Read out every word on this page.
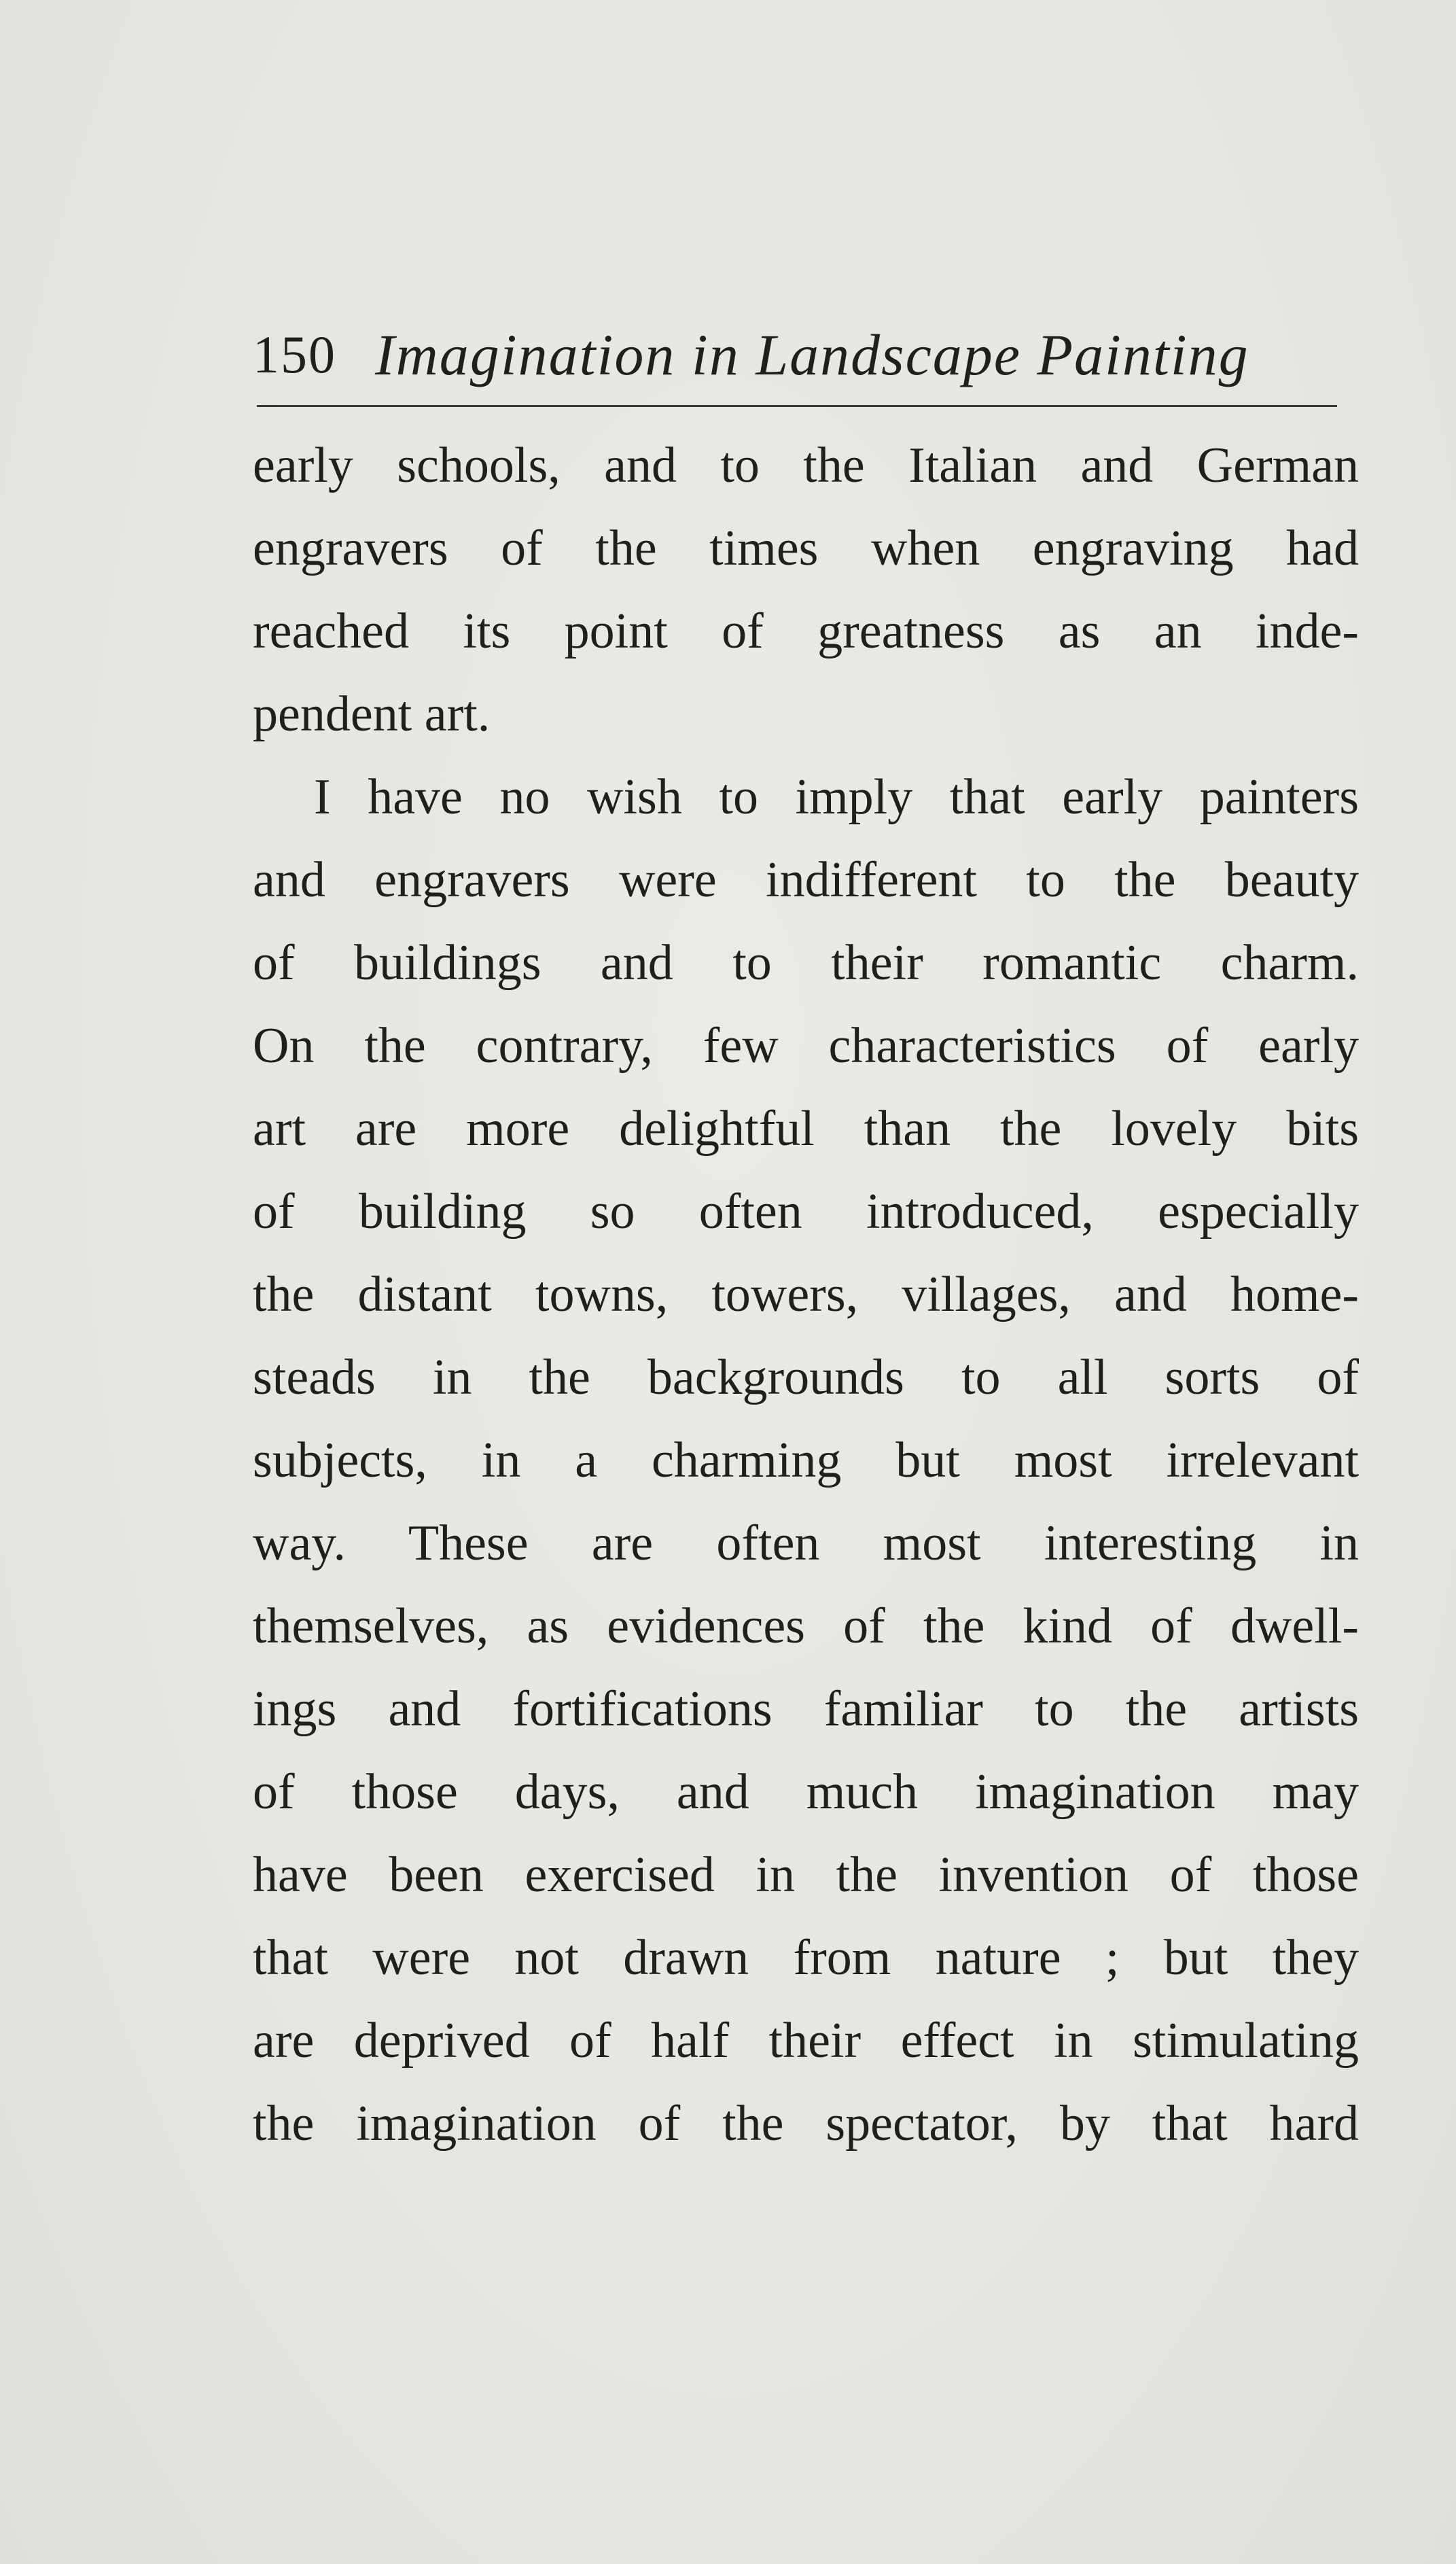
150 Imagination in Landscape Painting
early schools, and to the Italian and German
engravers of the times when engraving had
reached its point of greatness as an inde-
pendent art.
I have no wish to imply that early painters
and engravers were indifferent to the beauty
of buildings and to their romantic charm.
On the contrary, few characteristics of early
art are more delightful than the lovely bits
of building so often introduced, especially
the distant towns, towers, villages, and home-
steads in the backgrounds to all sorts of
subjects, in a charming but most irrelevant
way. These are often most interesting in
themselves, as evidences of the kind of dwell-
ings and fortifications familiar to the artists
of those days, and much imagination may
have been exercised in the invention of those
that were not drawn from nature ; but they
are deprived of half their effect in stimulating
the imagination of the spectator, by that hard
